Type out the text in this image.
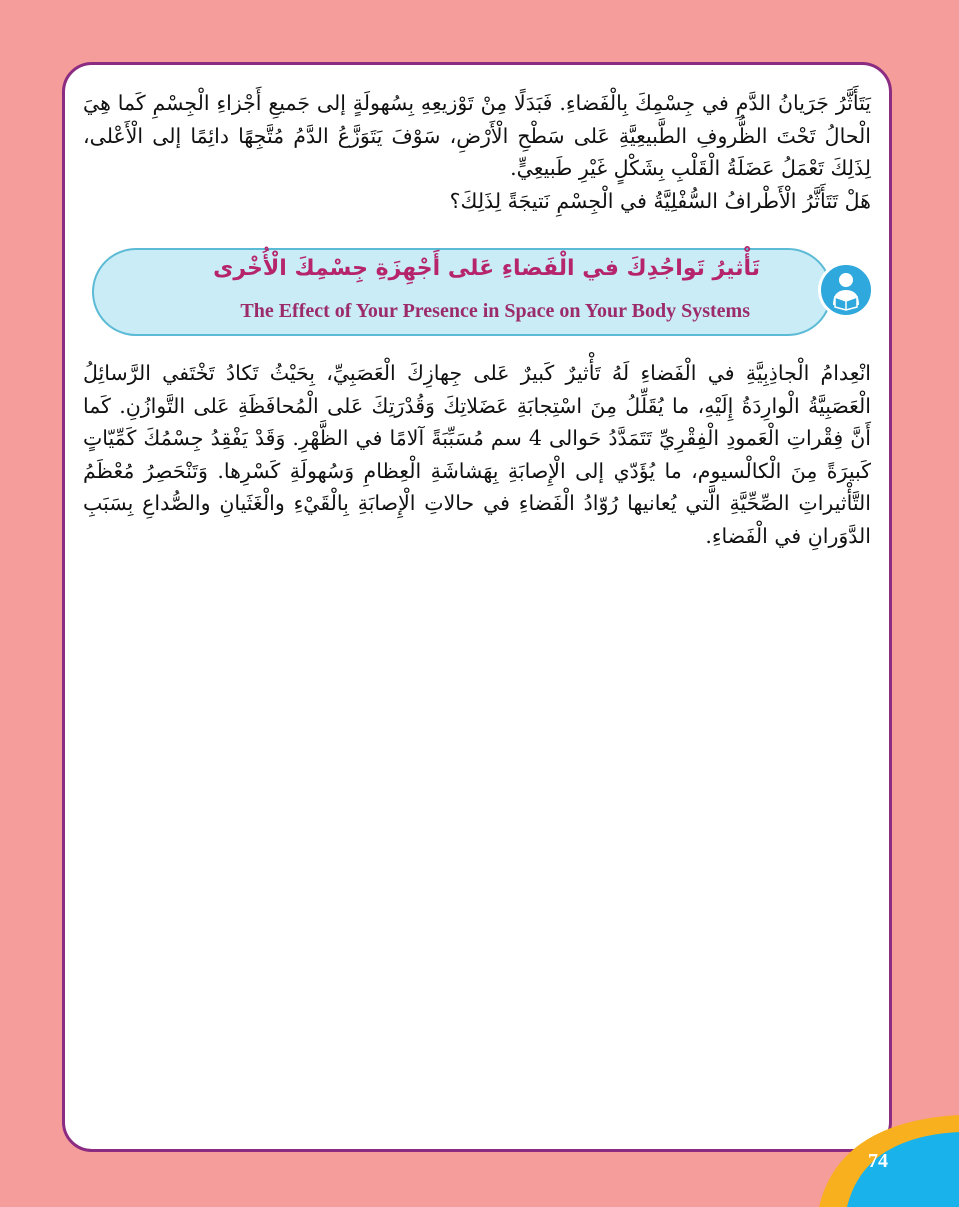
يَتَأَثَّرُ جَرَيانُ الدَّمِ في جِسْمِكَ بِالْفَضاءِ. فَبَدَلًا مِنْ تَوْزيعِهِ بِسُهولَةٍ إلى جَميعِ أَجْزاءِ الْجِسْمِ كَما هِيَ الْحالُ تَحْتَ الظُّروفِ الطَّبيعِيَّةِ عَلى سَطْحِ الْأَرْضِ، سَوْفَ يَتَوَزَّعُ الدَّمُ مُتَّجِهًا دائِمًا إلى الْأَعْلى، لِذَلِكَ تَعْمَلُ عَضَلَةُ الْقَلْبِ بِشَكْلٍ غَيْرِ طَبيعِيٍّ.

هَلْ تَتَأَثَّرُ الْأَطْرافُ السُّفْلِيَّةُ في الْجِسْمِ نَتيجَةً لِذَلِكَ؟

انْعِدامُ الْجاذِبِيَّةِ في الْفَضاءِ لَهُ تَأْثيرٌ كَبيرٌ عَلى جِهازِكَ الْعَصَبِيِّ، بِحَيْثُ تَكادُ تَخْتَفي الرَّسائِلُ الْعَصَبِيَّةُ الْوارِدَةُ إِلَيْهِ، ما يُقَلِّلُ مِنَ اسْتِجابَةِ عَضَلاتِكَ وَقُدْرَتِكَ عَلى الْمُحافَظَةِ عَلى التَّوازُنِ. كَما أَنَّ فِقْراتِ الْعَمودِ الْفِقْرِيِّ تَتَمَدَّدُ حَوالى 4 سم مُسَبِّبَةً آلامًا في الظَّهْرِ. وَقَدْ يَفْقِدُ جِسْمُكَ كَمِّيّاتٍ كَبيرَةً مِنَ الْكالْسيوم، ما يُؤَدّي إلى الْإِصابَةِ بِهَشاشَةِ الْعِظامِ وَسُهولَةِ كَسْرِها. وَتَنْحَصِرُ مُعْظَمُ التَّأْثيراتِ الصِّحِّيَّةِ الَّتي يُعانيها رُوّادُ الْفَضاءِ في حالاتِ الْإِصابَةِ بِالْقَيْءِ والْغَثَيانِ والصُّداعِ بِسَبَبِ الدَّوَرانِ في الْفَضاءِ.

تَأْثيرُ تَواجُدِكَ في الْفَضاءِ عَلى أَجْهِزَةِ جِسْمِكَ الْأُخْرى
The Effect of Your Presence in Space on Your Body Systems
74
